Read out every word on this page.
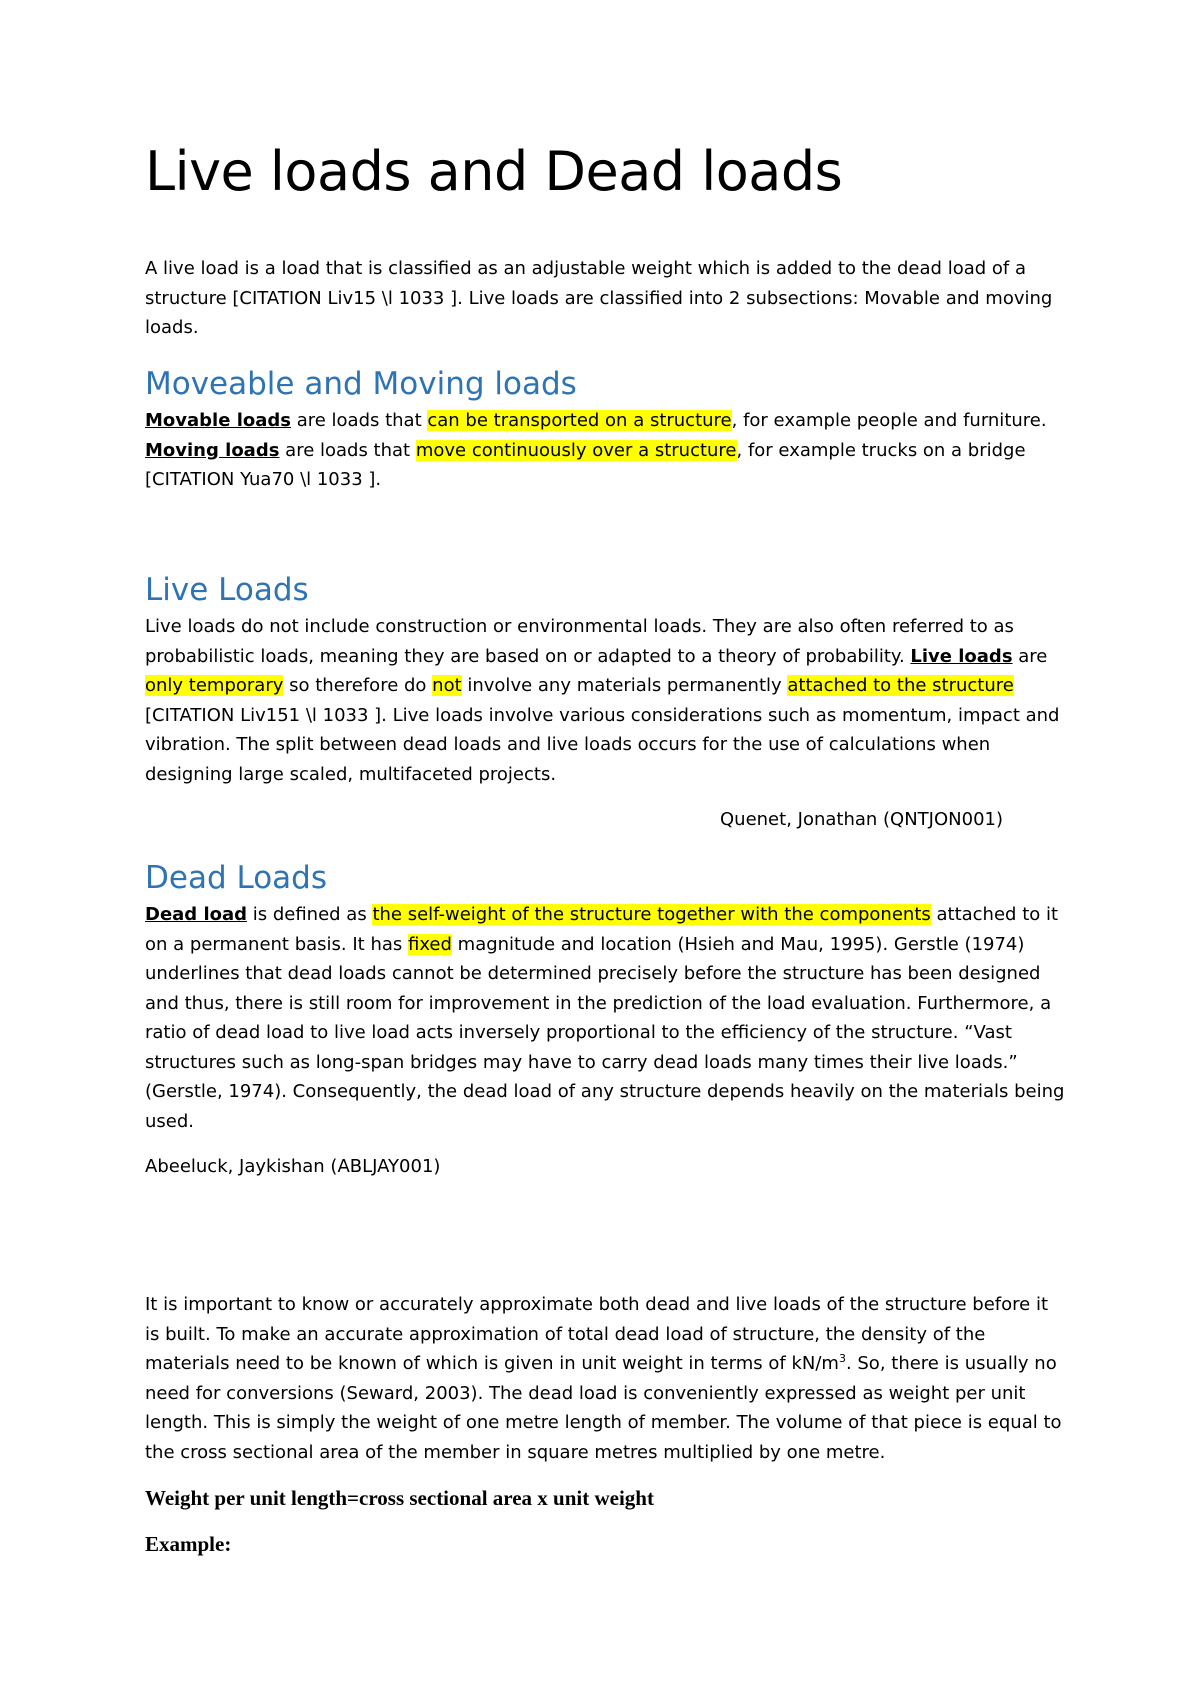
Live loads and Dead loads

A live load is a load that is classified as an adjustable weight which is added to the dead load of a

structure [CITATION Liv15 \l 1033 ]. Live loads are classified into 2 subsections: Movable and moving

loads.

Moveable and Moving loads

Movable loads are loads that can be transported on a structure, for example people and furniture.

Moving loads are loads that move continuously over a structure, for example trucks on a bridge

[CITATION Yua70 \l 1033 ].

Live Loads

Live loads do not include construction or environmental loads. They are also often referred to as

probabilistic loads, meaning they are based on or adapted to a theory of probability. Live loads are

only temporary so therefore do not involve any materials permanently attached to the structure

[CITATION Liv151 \l 1033 ]. Live loads involve various considerations such as momentum, impact and

vibration. The split between dead loads and live loads occurs for the use of calculations when

designing large scaled, multifaceted projects.

Quenet, Jonathan (QNTJON001)

Dead Loads

Dead load is defined as the self-weight of the structure together with the components attached to it

on a permanent basis. It has fixed magnitude and location (Hsieh and Mau, 1995). Gerstle (1974)

underlines that dead loads cannot be determined precisely before the structure has been designed

and thus, there is still room for improvement in the prediction of the load evaluation. Furthermore, a

ratio of dead load to live load acts inversely proportional to the efficiency of the structure. “Vast

structures such as long-span bridges may have to carry dead loads many times their live loads.”

(Gerstle, 1974). Consequently, the dead load of any structure depends heavily on the materials being

used.

Abeeluck, Jaykishan (ABLJAY001)

It is important to know or accurately approximate both dead and live loads of the structure before it

is built. To make an accurate approximation of total dead load of structure, the density of the

materials need to be known of which is given in unit weight in terms of $kN/m^3$. So, there is usually no

need for conversions (Seward, 2003). The dead load is conveniently expressed as weight per unit

length. This is simply the weight of one metre length of member. The volume of that piece is equal to

the cross sectional area of the member in square metres multiplied by one metre.

Weight per unit length=cross sectional area x unit weight

Example:
